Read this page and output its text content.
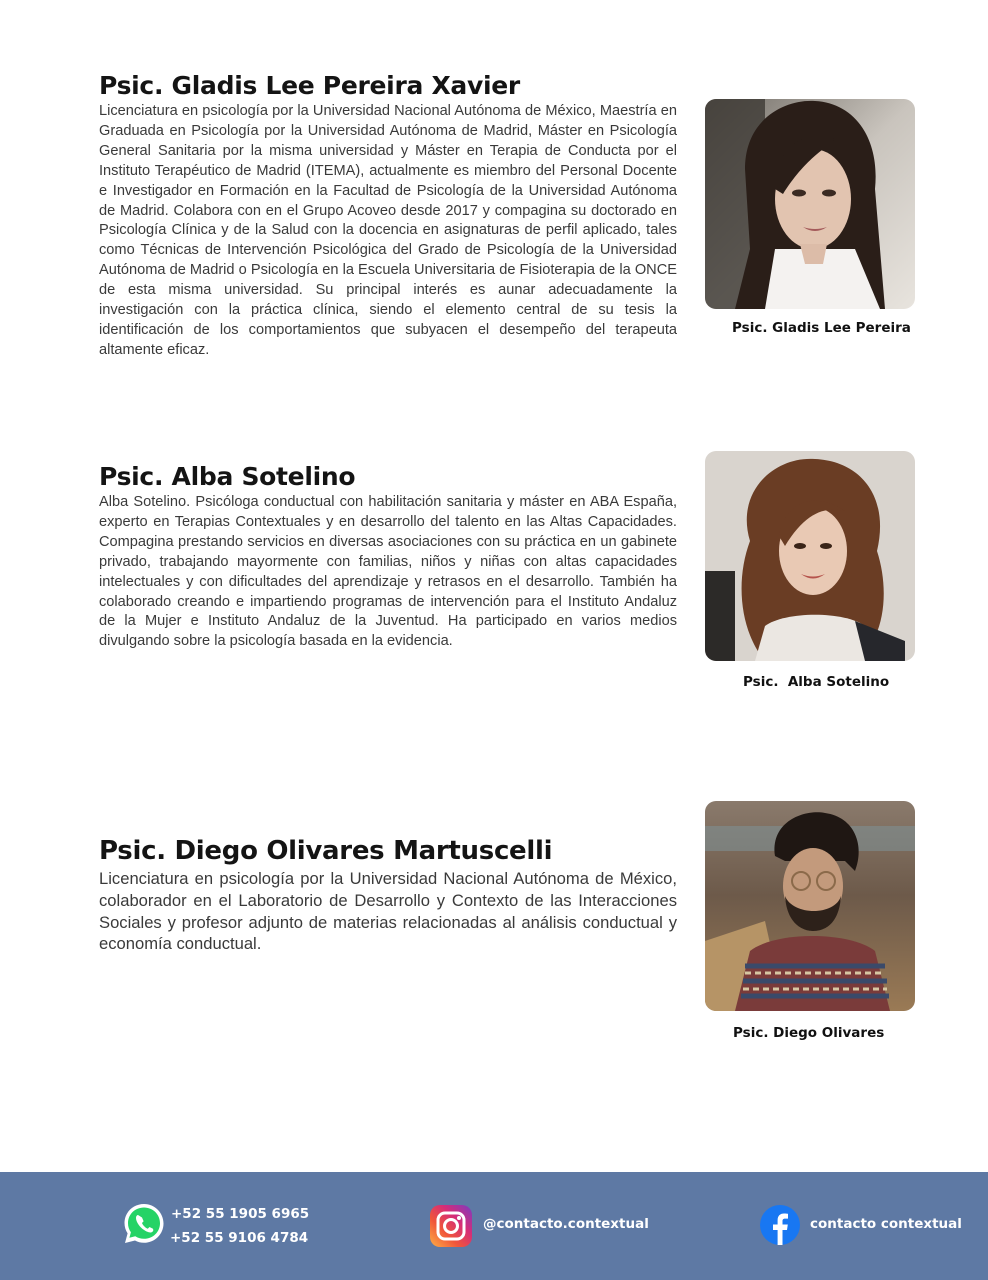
Psic. Gladis Lee Pereira Xavier

Licenciatura en psicología por la Universidad Nacional Autónoma de México, Maestría en Graduada en Psicología por la Universidad Autónoma de Madrid, Máster en Psicología General Sanitaria por la misma universidad y Máster en Terapia de Conducta por el Instituto Terapéutico de Madrid (ITEMA), actualmente es miembro del Personal Docente e Investigador en Formación en la Facultad de Psicología de la Universidad Autónoma de Madrid. Colabora con en el Grupo Acoveo desde 2017 y compagina su doctorado en Psicología Clínica y de la Salud con la docencia en asignaturas de perfil aplicado, tales como Técnicas de Intervención Psicológica del Grado de Psicología de la Universidad Autónoma de Madrid o Psicología en la Escuela Universitaria de Fisioterapia de la ONCE de esta misma universidad. Su principal interés es aunar adecuadamente la investigación con la práctica clínica, siendo el elemento central de su tesis la identificación de los comportamientos que subyacen el desempeño del terapeuta altamente eficaz.

Psic. Gladis Lee Pereira
Psic. Alba Sotelino

Alba Sotelino. Psicóloga conductual con habilitación sanitaria y máster en ABA España, experto en Terapias Contextuales y en desarrollo del talento en las Altas Capacidades. Compagina prestando servicios en diversas asociaciones con su práctica en un gabinete privado, trabajando mayormente con familias, niños y niñas con altas capacidades intelectuales y con dificultades del aprendizaje y retrasos en el desarrollo. También ha colaborado creando e impartiendo programas de intervención para el Instituto Andaluz de la Mujer e Instituto Andaluz de la Juventud. Ha participado en varios medios divulgando sobre la psicología basada en la evidencia.

Psic.  Alba Sotelino
Psic. Diego Olivares Martuscelli

Licenciatura en psicología por la Universidad Nacional Autónoma de México, colaborador en el Laboratorio de Desarrollo y Contexto de las Interacciones Sociales y profesor adjunto de materias relacionadas al análisis conductual y economía conductual.

Psic. Diego Olivares
+52 55 1905 6965
+52 55 9106 4784
@contacto.contextual	contacto contextual
